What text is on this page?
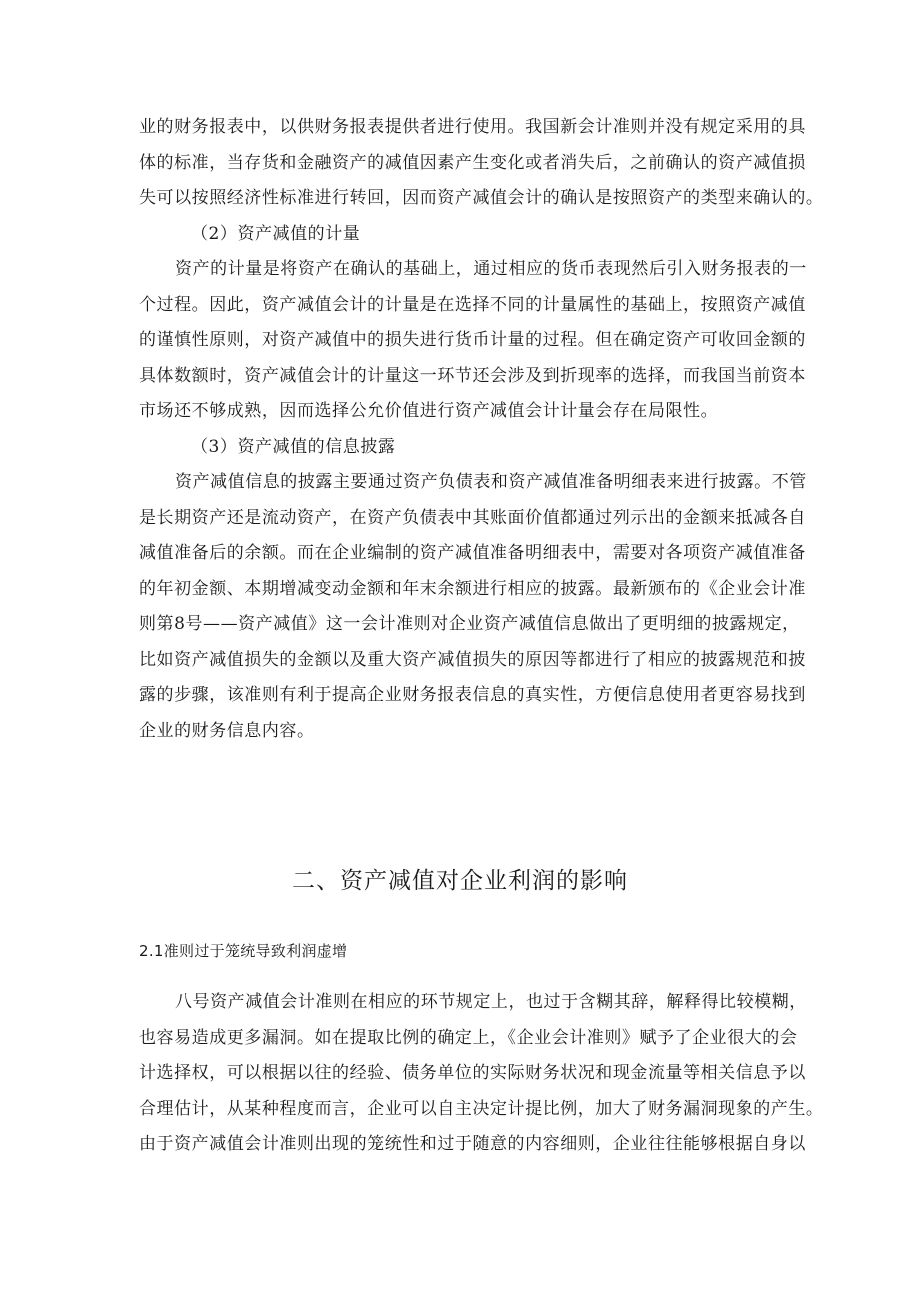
业的财务报表中，以供财务报表提供者进行使用。我国新会计准则并没有规定采用的具
体的标准，当存货和金融资产的减值因素产生变化或者消失后，之前确认的资产减值损
失可以按照经济性标准进行转回，因而资产减值会计的确认是按照资产的类型来确认的。
（2）资产减值的计量
资产的计量是将资产在确认的基础上，通过相应的货币表现然后引入财务报表的一
个过程。因此，资产减值会计的计量是在选择不同的计量属性的基础上，按照资产减值
的谨慎性原则，对资产减值中的损失进行货币计量的过程。但在确定资产可收回金额的
具体数额时，资产减值会计的计量这一环节还会涉及到折现率的选择，而我国当前资本
市场还不够成熟，因而选择公允价值进行资产减值会计计量会存在局限性。
（3）资产减值的信息披露
资产减值信息的披露主要通过资产负债表和资产减值准备明细表来进行披露。不管
是长期资产还是流动资产，在资产负债表中其账面价值都通过列示出的金额来抵减各自
减值准备后的余额。而在企业编制的资产减值准备明细表中，需要对各项资产减值准备
的年初金额、本期增减变动金额和年末余额进行相应的披露。最新颁布的《企业会计准
则第8号——资产减值》这一会计准则对企业资产减值信息做出了更明细的披露规定，
比如资产减值损失的金额以及重大资产减值损失的原因等都进行了相应的披露规范和披
露的步骤，该准则有利于提高企业财务报表信息的真实性，方便信息使用者更容易找到
企业的财务信息内容。
二、资产减值对企业利润的影响
2.1准则过于笼统导致利润虚增
八号资产减值会计准则在相应的环节规定上，也过于含糊其辞，解释得比较模糊，
也容易造成更多漏洞。如在提取比例的确定上，《企业会计准则》赋予了企业很大的会
计选择权，可以根据以往的经验、债务单位的实际财务状况和现金流量等相关信息予以
合理估计，从某种程度而言，企业可以自主决定计提比例，加大了财务漏洞现象的产生。
由于资产减值会计准则出现的笼统性和过于随意的内容细则，企业往往能够根据自身以
